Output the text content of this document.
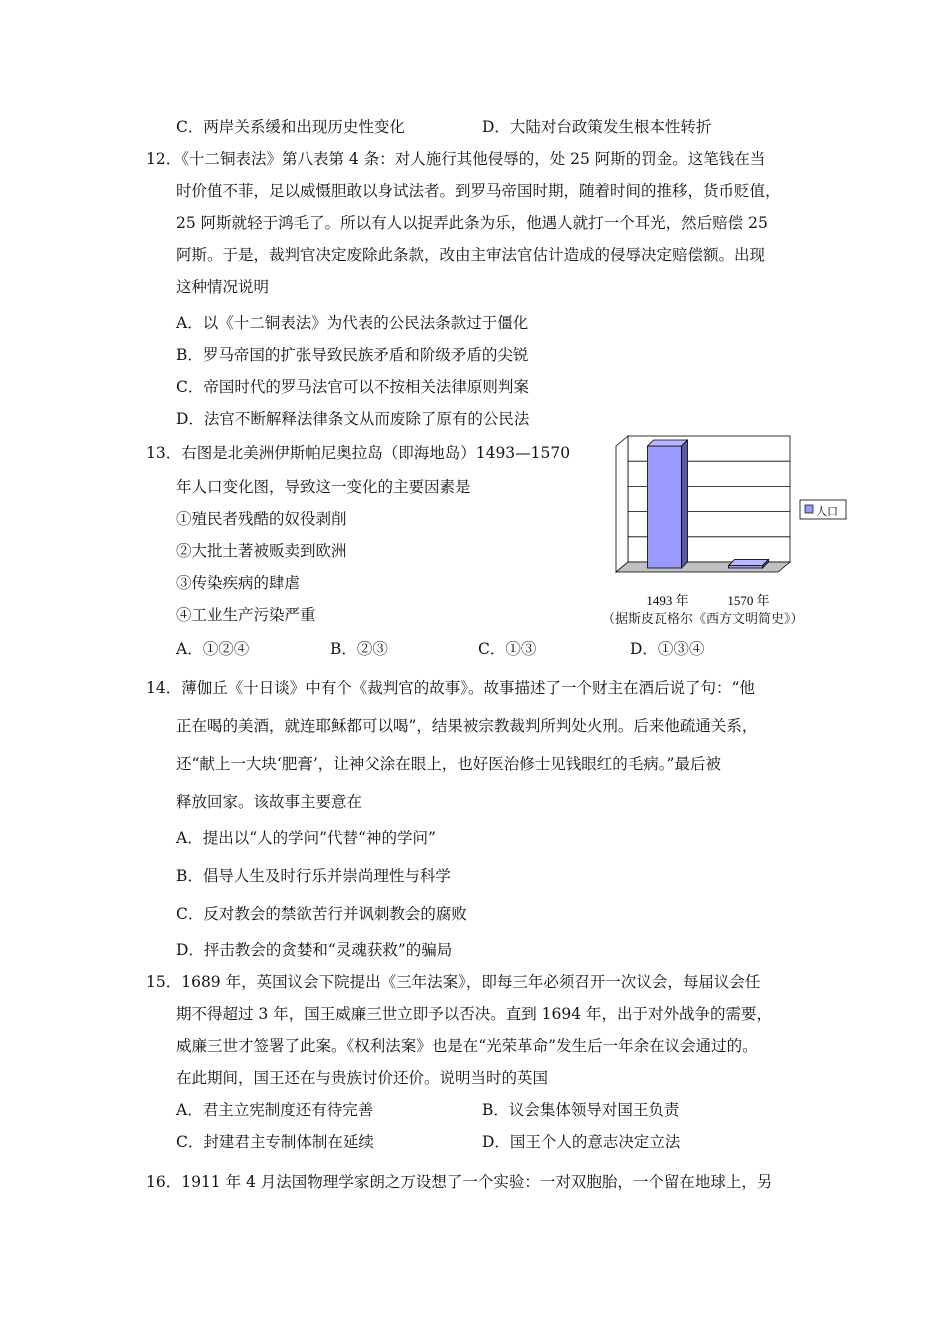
C．两岸关系缓和出现历史性变化	D．大陆对台政策发生根本性转折
12．《十二铜表法》第八表第 4 条：对人施行其他侵辱的，处 25 阿斯的罚金。这笔钱在当
时价值不菲，足以威慑胆敢以身试法者。到罗马帝国时期，随着时间的推移，货币贬值，
25 阿斯就轻于鸿毛了。所以有人以捉弄此条为乐，他遇人就打一个耳光，然后赔偿 25
阿斯。于是，裁判官决定废除此条款，改由主审法官估计造成的侵辱决定赔偿额。出现
这种情况说明
A．以《十二铜表法》为代表的公民法条款过于僵化
B．罗马帝国的扩张导致民族矛盾和阶级矛盾的尖锐
C．帝国时代的罗马法官可以不按相关法律原则判案
D．法官不断解释法律条文从而废除了原有的公民法
13．右图是北美洲伊斯帕尼奥拉岛（即海地岛）1493—1570
年人口变化图，导致这一变化的主要因素是
①殖民者残酷的奴役剥削
②大批土著被贩卖到欧洲
③传染疾病的肆虐
④工业生产污染严重
A．①②④	B．②③	C．①③	D．①③④
人口
1493 年	1570 年
（据斯皮瓦格尔《西方文明简史》）
14．薄伽丘《十日谈》中有个《裁判官的故事》。故事描述了一个财主在酒后说了句：“他
正在喝的美酒，就连耶稣都可以喝”，结果被宗教裁判所判处火刑。后来他疏通关系，
还“献上一大块‘肥膏’，让神父涂在眼上，也好医治修士见钱眼红的毛病。”最后被
释放回家。该故事主要意在
A．提出以“人的学问”代替“神的学问”
B．倡导人生及时行乐并崇尚理性与科学
C．反对教会的禁欲苦行并讽刺教会的腐败
D．抨击教会的贪婪和“灵魂获救”的骗局
15．1689 年，英国议会下院提出《三年法案》，即每三年必须召开一次议会，每届议会任
期不得超过 3 年，国王威廉三世立即予以否决。直到 1694 年，出于对外战争的需要，
威廉三世才签署了此案。《权利法案》也是在“光荣革命”发生后一年余在议会通过的。
在此期间，国王还在与贵族讨价还价。说明当时的英国
A．君主立宪制度还有待完善	B．议会集体领导对国王负责
C．封建君主专制体制在延续	D．国王个人的意志决定立法
16．1911 年 4 月法国物理学家朗之万设想了一个实验：一对双胞胎，一个留在地球上，另
